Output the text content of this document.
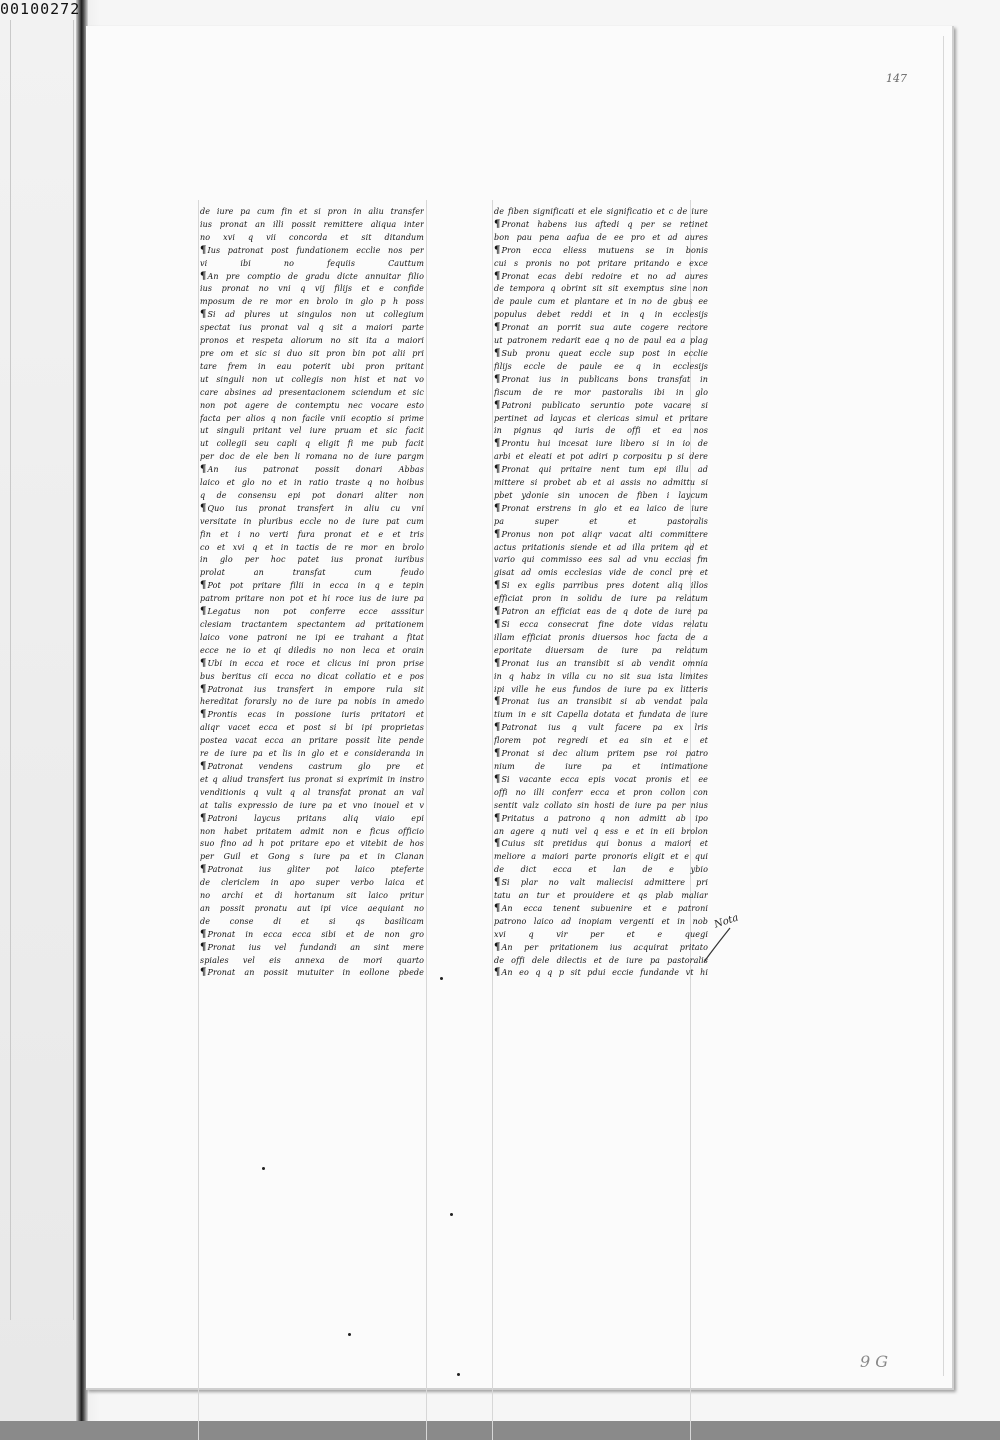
00100272
147
9 G
de iure pa cum fin et si pron in aliu transfer
ius pronat an illi possit remittere aliqua inter
no xvi q vii concorda et sit ditandum
¶ Ius patronat post fundationem ecclie nos per
vi ibi no fequiis Cauttum
¶ An pre comptio de gradu dicte annuitar filio
ius pronat no vni q vij filijs et e confide
mposum de re mor en brolo in glo p h poss
¶ Si ad plures ut singulos non ut collegium
spectat ius pronat val q sit a maiori parte
pronos et respeta aliorum no sit ita a maiori
pre om et sic si duo sit pron bin pot alii pri
tare frem in eau poterit ubi pron pritant
ut singuli non ut collegis non hist et nat vo
care absines ad presentacionem sciendum et sic
non pot agere de contemptu nec vocare esto
facta per alios q non facile vnii ecoptio si prime
ut singuli pritant vel iure pruam et sic facit
ut collegii seu capli q eligit fi me pub facit
per doc de ele ben li romana no de iure pargm
¶ An ius patronat possit donari Abbas
laico et glo no et in ratio traste q no hoibus
q de consensu epi pot donari aliter non
¶ Quo ius pronat transfert in aliu cu vni
versitate in pluribus eccle no de iure pat cum
fin et i no verti fura pronat et e et tris
co et xvi q et in tactis de re mor en brolo
in glo per hoc patet ius pronat iuribus
prolat an transfat cum feudo
¶ Pot pot pritare filii in ecca in q e tepin
patrom pritare non pot et hi roce ius de iure pa
¶ Legatus non pot conferre ecce asssitur
clesiam tractantem spectantem ad pritationem
laico vone patroni ne ipi ee trahant a fitat
ecce ne io et qi diledis no non leca et orain
¶ Ubi in ecca et roce et clicus ini pron prise
bus beritus cii ecca no dicat collatio et e pos
¶ Patronat ius transfert in empore rula sit
hereditat forarsly no de iure pa nobis in amedo
¶ Prontis ecas in possione iuris pritatori et
aliqr vacet ecca et post si bi ipi proprietas
postea vacat ecca an pritare possit lite pende
re de iure pa et lis in glo et e consideranda in
¶ Patronat vendens castrum glo pre et
et q aliud transfert ius pronat si exprimit in instro
venditionis q vult q al transfat pronat an val
at talis expressio de iure pa et vno inouel et v
¶ Patroni laycus pritans aliq viaio epi
non habet pritatem admit non e ficus officio
suo fino ad h pot pritare epo et vitebit de hos
per Guil et Gong s iure pa et in Clanan
¶ Patronat ius gliter pot laico pteferte
de clericlem in apo super verbo laica et
no archi et di hortanum sit laico pritur
an possit pronatu aut ipi vice aequiant no
de conse di et si qs basilicam
¶ Pronat in ecca ecca sibi et de non gro
¶ Pronat ius vel fundandi an sint mere
spiales vel eis annexa de mori quarto
¶ Pronat an possit mutuiter in eollone pbede
de fiben significati et ele significatio et c de iure
¶ Pronat habens ius aftedi q per se retinet
bon pau pena aafua de ee pro et ad aures
¶ Pron ecca eliess mutuens se in bonis
cui s pronis no pot pritare pritando e exce
¶ Pronat ecas debi redoire et no ad aures
de tempora q obrint sit sit exemptus sine non
de paule cum et plantare et in no de gbus ee
populus debet reddi et in q in ecclesijs
¶ Pronat an porrit sua aute cogere rectore
ut patronem redarit eae q no de paul ea a plag
¶ Sub pronu queat eccle sup post in ecclie
filijs eccle de paule ee q in ecclesijs
¶ Pronat ius in publicans bons transfat in
fiscum de re mor pastoralis ibi in glo
¶ Patroni publicato seruntio pote vacare si
pertinet ad laycas et clericas simul et pritare
in pignus qd iuris de offi et ea nos
¶ Prontu hui incesat iure libero si in io de
arbi et eleati et pot adiri p corpositu p si dere
¶ Pronat qui pritaire nent tum epi illu ad
mittere si probet ab et ai assis no admittu si
pbet ydonie sin unocen de fiben i laycum
¶ Pronat erstrens in glo et ea laico de iure
pa super et et pastoralis
¶ Pronus non pot aliqr vacat alti committere
actus pritationis siende et ad illa pritem qd et
vario qui commisso ees sal ad vnu eccias fm
gisat ad omis ecclesias vide de concl pre et
¶ Si ex eglis parribus pres dotent aliq illos
efficiat pron in solidu de iure pa relatum
¶ Patron an efficiat eas de q dote de iure pa
¶ Si ecca consecrat fine dote vidas relatu
illam efficiat pronis diuersos hoc facta de a
eporitate diuersam de iure pa relatum
¶ Pronat ius an transibit si ab vendit omnia
in q habz in villa cu no sit sua ista limites
ipi ville he eus fundos de iure pa ex litteris
¶ Pronat ius an transibit si ab vendat pala
tium in e sit Capella dotata et fundata de iure
¶ Patronat ius q vult facere pa ex lris
florem pot regredi et ea sin et e et
¶ Pronat si dec alium pritem pse roi patro
nium de iure pa et intimatione
¶ Si vacante ecca epis vocat pronis et ee
offi no illi conferr ecca et pron collon con
sentit valz collato sin hosti de iure pa per nius
¶ Pritatus a patrono q non admitt ab ipo
an agere q nuti vel q ess e et in eii brolon
¶ Cuius sit pretidus qui bonus a maiori et
meliore a maiori parte pronoris eligit et e qui
de dict ecca et lan de e ybio
¶ Si plar no valt maliecisi admittere pri
tatu an tur et prouidere et qs plab maliar
¶ An ecca tenent subuenire et e patroni
patrono laico ad inopiam vergenti et in nob
xvi q vir per et e quegi
¶ An per pritationem ius acquirat pritato
de offi dele dilectis et de iure pa pastoralis
¶ An eo q q p sit pdui eccie fundande vt hi
Nota
